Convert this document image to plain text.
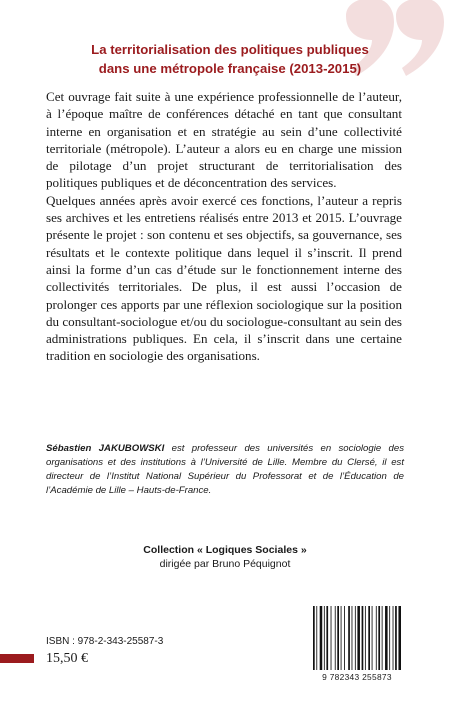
La territorialisation des politiques publiques
dans une métropole française (2013-2015)

Cet ouvrage fait suite à une expérience professionnelle de l’auteur, à l’époque maître de conférences détaché en tant que consultant interne en organisation et en stratégie au sein d’une collectivité territoriale (métropole). L’auteur a alors eu en charge une mission de pilotage d’un projet structurant de territorialisation des politiques publiques et de déconcentration des services.

Quelques années après avoir exercé ces fonctions, l’auteur a repris ses archives et les entretiens réalisés entre 2013 et 2015. L’ouvrage présente le projet : son contenu et ses objectifs, sa gouvernance, ses résultats et le contexte politique dans lequel il s’inscrit. Il prend ainsi la forme d’un cas d’étude sur le fonctionnement interne des collectivités territoriales. De plus, il est aussi l’occasion de prolonger ces apports par une réflexion sociologique sur la position du consultant-sociologue et/ou du sociologue-consultant au sein des administrations publiques. En cela, il s’inscrit dans une certaine tradition en sociologie des organisations.

Sébastien JAKUBOWSKI est professeur des universités en sociologie des organisations et des institutions à l’Université de Lille. Membre du Clersé, il est directeur de l’Institut National Supérieur du Professorat et de l’Éducation de l’Académie de Lille – Hauts-de-France.
Collection « Logiques Sociales »
dirigée par Bruno Péquignot
ISBN : 978-2-343-25587-3
15,50 €
9 782343 255873
